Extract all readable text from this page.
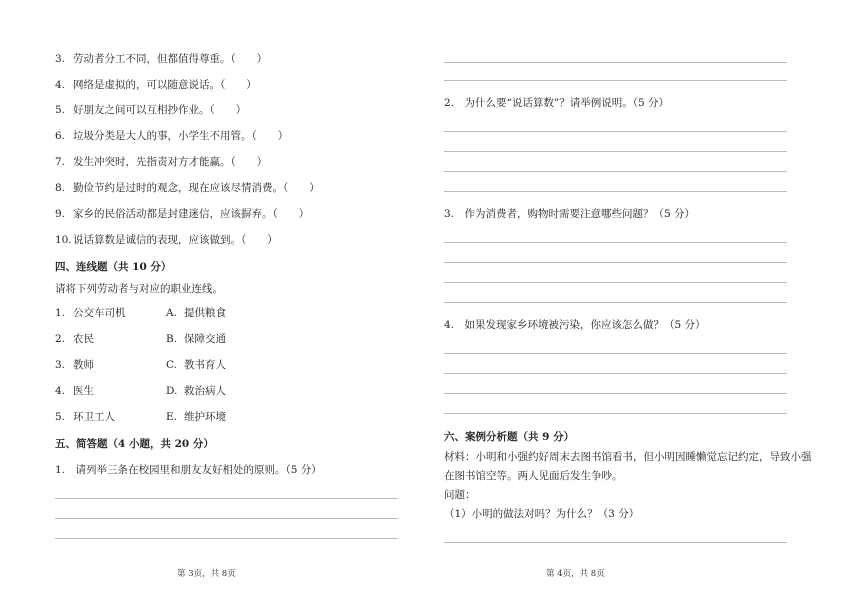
3. 劳动者分工不同，但都值得尊重。（　　）
4. 网络是虚拟的，可以随意说话。（　　）
5. 好朋友之间可以互相抄作业。（　　）
6. 垃圾分类是大人的事，小学生不用管。（　　）
7. 发生冲突时，先指责对方才能赢。（　　）
8. 勤俭节约是过时的观念，现在应该尽情消费。（　　）
9. 家乡的民俗活动都是封建迷信，应该摒弃。（　　）
10.说话算数是诚信的表现，应该做到。（　　）
四、连线题（共 10 分）
请将下列劳动者与对应的职业连线。
1. 公交车司机	A. 提供粮食
2. 农民	B. 保障交通
3. 教师	C. 教书育人
4. 医生	D. 救治病人
5. 环卫工人	E. 维护环境
五、简答题（4 小题，共 20 分）
1.　请列举三条在校园里和朋友友好相处的原则。（5 分）
第 3页，共 8页
2.　为什么要“说话算数”？请举例说明。（5 分）
3.　作为消费者，购物时需要注意哪些问题？（5 分）
4.　如果发现家乡环境被污染，你应该怎么做？（5 分）
六、案例分析题（共 9 分）
材料：小明和小强约好周末去图书馆看书，但小明因睡懒觉忘记约定，导致小强
在图书馆空等。两人见面后发生争吵。
问题：
（1）小明的做法对吗？为什么？（3 分）
第 4页，共 8页
